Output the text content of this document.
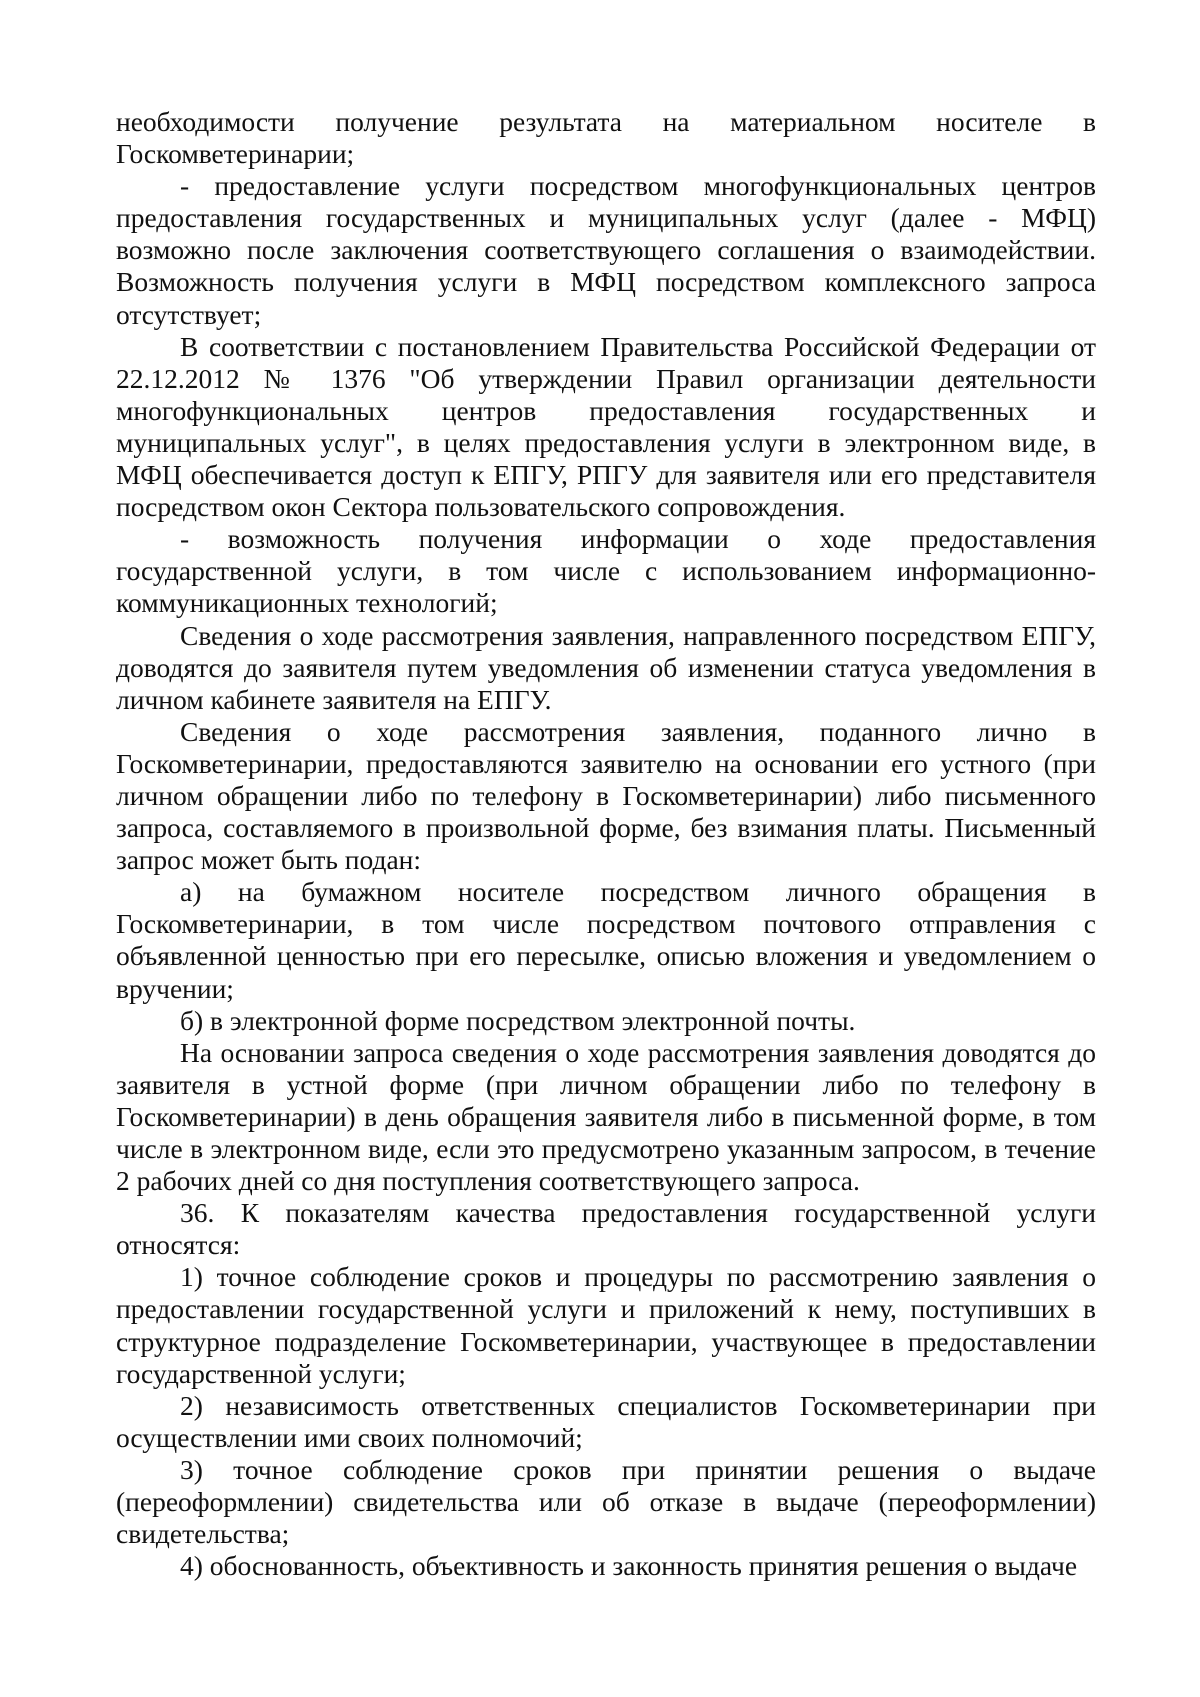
необходимости получение результата на материальном носителе в Госкомветеринарии;

- предоставление услуги посредством многофункциональных центров предоставления государственных и муниципальных услуг (далее - МФЦ) возможно после заключения соответствующего соглашения о взаимодействии. Возможность получения услуги в МФЦ посредством комплексного запроса отсутствует;

В соответствии с постановлением Правительства Российской Федерации от 22.12.2012 № 1376 "Об утверждении Правил организации деятельности многофункциональных центров предоставления государственных и муниципальных услуг", в целях предоставления услуги в электронном виде, в МФЦ обеспечивается доступ к ЕПГУ, РПГУ для заявителя или его представителя посредством окон Сектора пользовательского сопровождения.

- возможность получения информации о ходе предоставления государственной услуги, в том числе с использованием информационно-коммуникационных технологий;

Сведения о ходе рассмотрения заявления, направленного посредством ЕПГУ, доводятся до заявителя путем уведомления об изменении статуса уведомления в личном кабинете заявителя на ЕПГУ.

Сведения о ходе рассмотрения заявления, поданного лично в Госкомветеринарии, предоставляются заявителю на основании его устного (при личном обращении либо по телефону в Госкомветеринарии) либо письменного запроса, составляемого в произвольной форме, без взимания платы. Письменный запрос может быть подан:

а) на бумажном носителе посредством личного обращения в Госкомветеринарии, в том числе посредством почтового отправления с объявленной ценностью при его пересылке, описью вложения и уведомлением о вручении;

б) в электронной форме посредством электронной почты.

На основании запроса сведения о ходе рассмотрения заявления доводятся до заявителя в устной форме (при личном обращении либо по телефону в Госкомветеринарии) в день обращения заявителя либо в письменной форме, в том числе в электронном виде, если это предусмотрено указанным запросом, в течение 2 рабочих дней со дня поступления соответствующего запроса.

36. К показателям качества предоставления государственной услуги относятся:

1) точное соблюдение сроков и процедуры по рассмотрению заявления о предоставлении государственной услуги и приложений к нему, поступивших в структурное подразделение Госкомветеринарии, участвующее в предоставлении государственной услуги;

2) независимость ответственных специалистов Госкомветеринарии при осуществлении ими своих полномочий;

3) точное соблюдение сроков при принятии решения о выдаче (переоформлении) свидетельства или об отказе в выдаче (переоформлении) свидетельства;

4) обоснованность, объективность и законность принятия решения о выдаче
